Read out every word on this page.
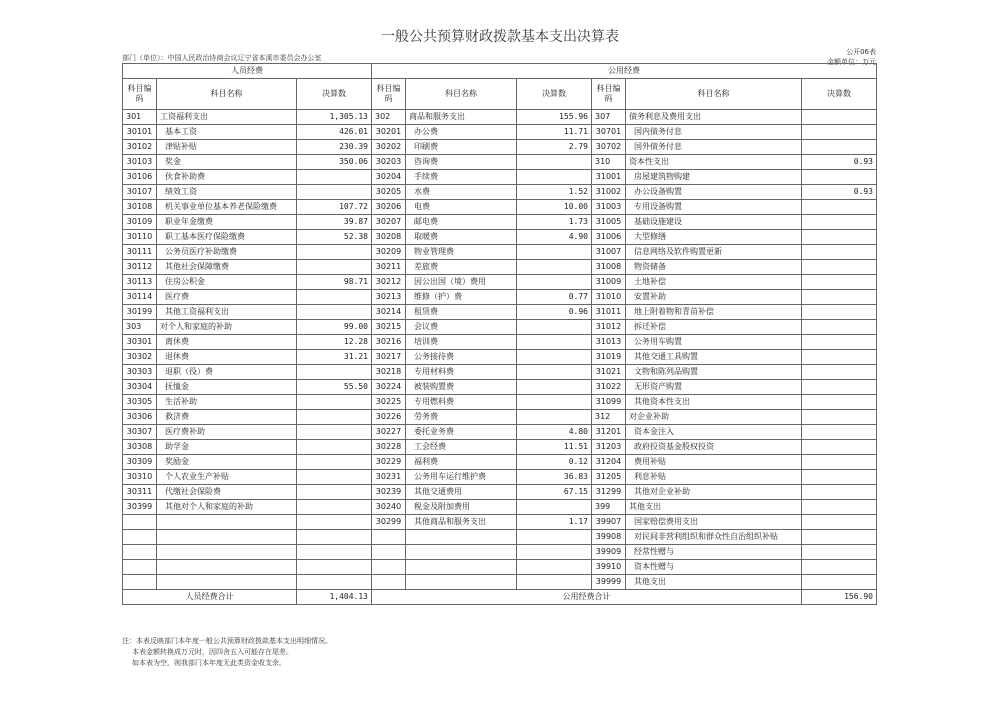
一般公共预算财政拨款基本支出决算表
部门（单位）：中国人民政治协商会议辽宁省本溪市委员会办公室
公开06表
金额单位：万元
人员经费			公用经费					
科目编码	科目名称	决算数	科目编码	科目名称	决算数	科目编码	科目名称	决算数
301	工资福利支出	1,305.13	302	商品和服务支出	155.96	307	债务利息及费用支出	
30101	基本工资	426.01	30201	办公费	11.71	30701	国内债务付息	
30102	津贴补贴	230.39	30202	印刷费	2.79	30702	国外债务付息	
30103	奖金	350.06	30203	咨询费		310	资本性支出	0.93
30106	伙食补助费		30204	手续费		31001	房屋建筑物购建	
30107	绩效工资		30205	水费	1.52	31002	办公设备购置	0.93
30108	机关事业单位基本养老保险缴费	107.72	30206	电费	10.00	31003	专用设备购置	
30109	职业年金缴费	39.87	30207	邮电费	1.73	31005	基础设施建设	
30110	职工基本医疗保险缴费	52.38	30208	取暖费	4.90	31006	大型修缮	
30111	公务员医疗补助缴费		30209	物业管理费		31007	信息网络及软件购置更新	
30112	其他社会保障缴费		30211	差旅费		31008	物资储备	
30113	住房公积金	98.71	30212	因公出国（境）费用		31009	土地补偿	
30114	医疗费		30213	维修（护）费	0.77	31010	安置补助	
30199	其他工资福利支出		30214	租赁费	0.96	31011	地上附着物和青苗补偿	
303	对个人和家庭的补助	99.00	30215	会议费		31012	拆迁补偿	
30301	离休费	12.28	30216	培训费		31013	公务用车购置	
30302	退休费	31.21	30217	公务接待费		31019	其他交通工具购置	
30303	退职（役）费		30218	专用材料费		31021	文物和陈列品购置	
30304	抚恤金	55.50	30224	被装购置费		31022	无形资产购置	
30305	生活补助		30225	专用燃料费		31099	其他资本性支出	
30306	救济费		30226	劳务费		312	对企业补助	
30307	医疗费补助		30227	委托业务费	4.80	31201	资本金注入	
30308	助学金		30228	工会经费	11.51	31203	政府投资基金股权投资	
30309	奖励金		30229	福利费	0.12	31204	费用补贴	
30310	个人农业生产补贴		30231	公务用车运行维护费	36.83	31205	利息补贴	
30311	代缴社会保险费		30239	其他交通费用	67.15	31299	其他对企业补助	
30399	其他对个人和家庭的补助		30240	税金及附加费用		399	其他支出	
			30299	其他商品和服务支出	1.17	39907	国家赔偿费用支出	
						39908	对民间非营利组织和群众性自治组织补贴	
						39909	经常性赠与	
						39910	资本性赠与	
						39999	其他支出	
人员经费合计		1,404.13	公用经费合计					156.90
注：本表反映部门本年度一般公共预算财政拨款基本支出明细情况。
本表金额转换成万元时，因四舍五入可能存在尾差。
如本表为空，则我部门本年度无此类资金收支余。
